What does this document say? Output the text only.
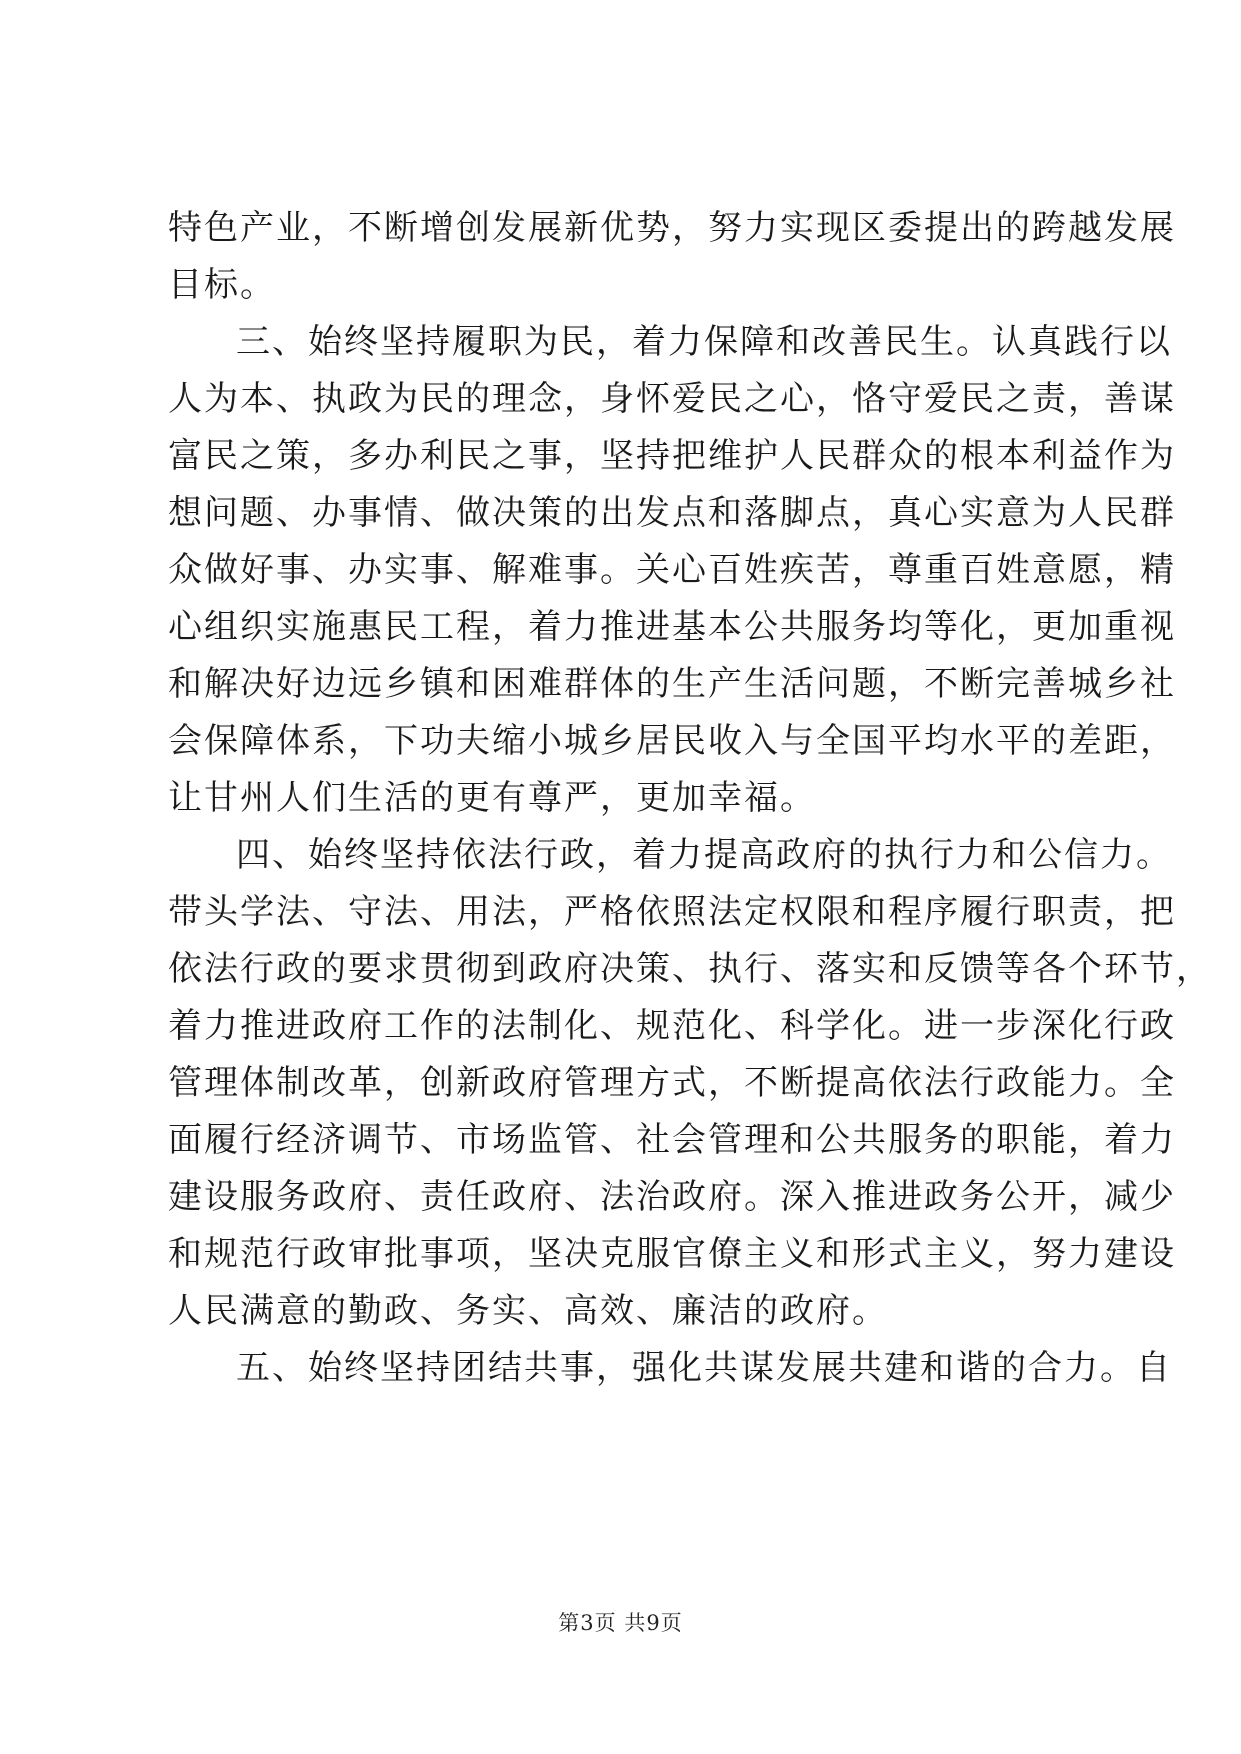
特色产业，不断增创发展新优势，努力实现区委提出的跨越发展
目标。
三、始终坚持履职为民，着力保障和改善民生。认真践行以
人为本、执政为民的理念，身怀爱民之心，恪守爱民之责，善谋
富民之策，多办利民之事，坚持把维护人民群众的根本利益作为
想问题、办事情、做决策的出发点和落脚点，真心实意为人民群
众做好事、办实事、解难事。关心百姓疾苦，尊重百姓意愿，精
心组织实施惠民工程，着力推进基本公共服务均等化，更加重视
和解决好边远乡镇和困难群体的生产生活问题，不断完善城乡社
会保障体系，下功夫缩小城乡居民收入与全国平均水平的差距，
让甘州人们生活的更有尊严，更加幸福。
四、始终坚持依法行政，着力提高政府的执行力和公信力。
带头学法、守法、用法，严格依照法定权限和程序履行职责，把
依法行政的要求贯彻到政府决策、执行、落实和反馈等各个环节，
着力推进政府工作的法制化、规范化、科学化。进一步深化行政
管理体制改革，创新政府管理方式，不断提高依法行政能力。全
面履行经济调节、市场监管、社会管理和公共服务的职能，着力
建设服务政府、责任政府、法治政府。深入推进政务公开，减少
和规范行政审批事项，坚决克服官僚主义和形式主义，努力建设
人民满意的勤政、务实、高效、廉洁的政府。
五、始终坚持团结共事，强化共谋发展共建和谐的合力。自
第3页 共9页
